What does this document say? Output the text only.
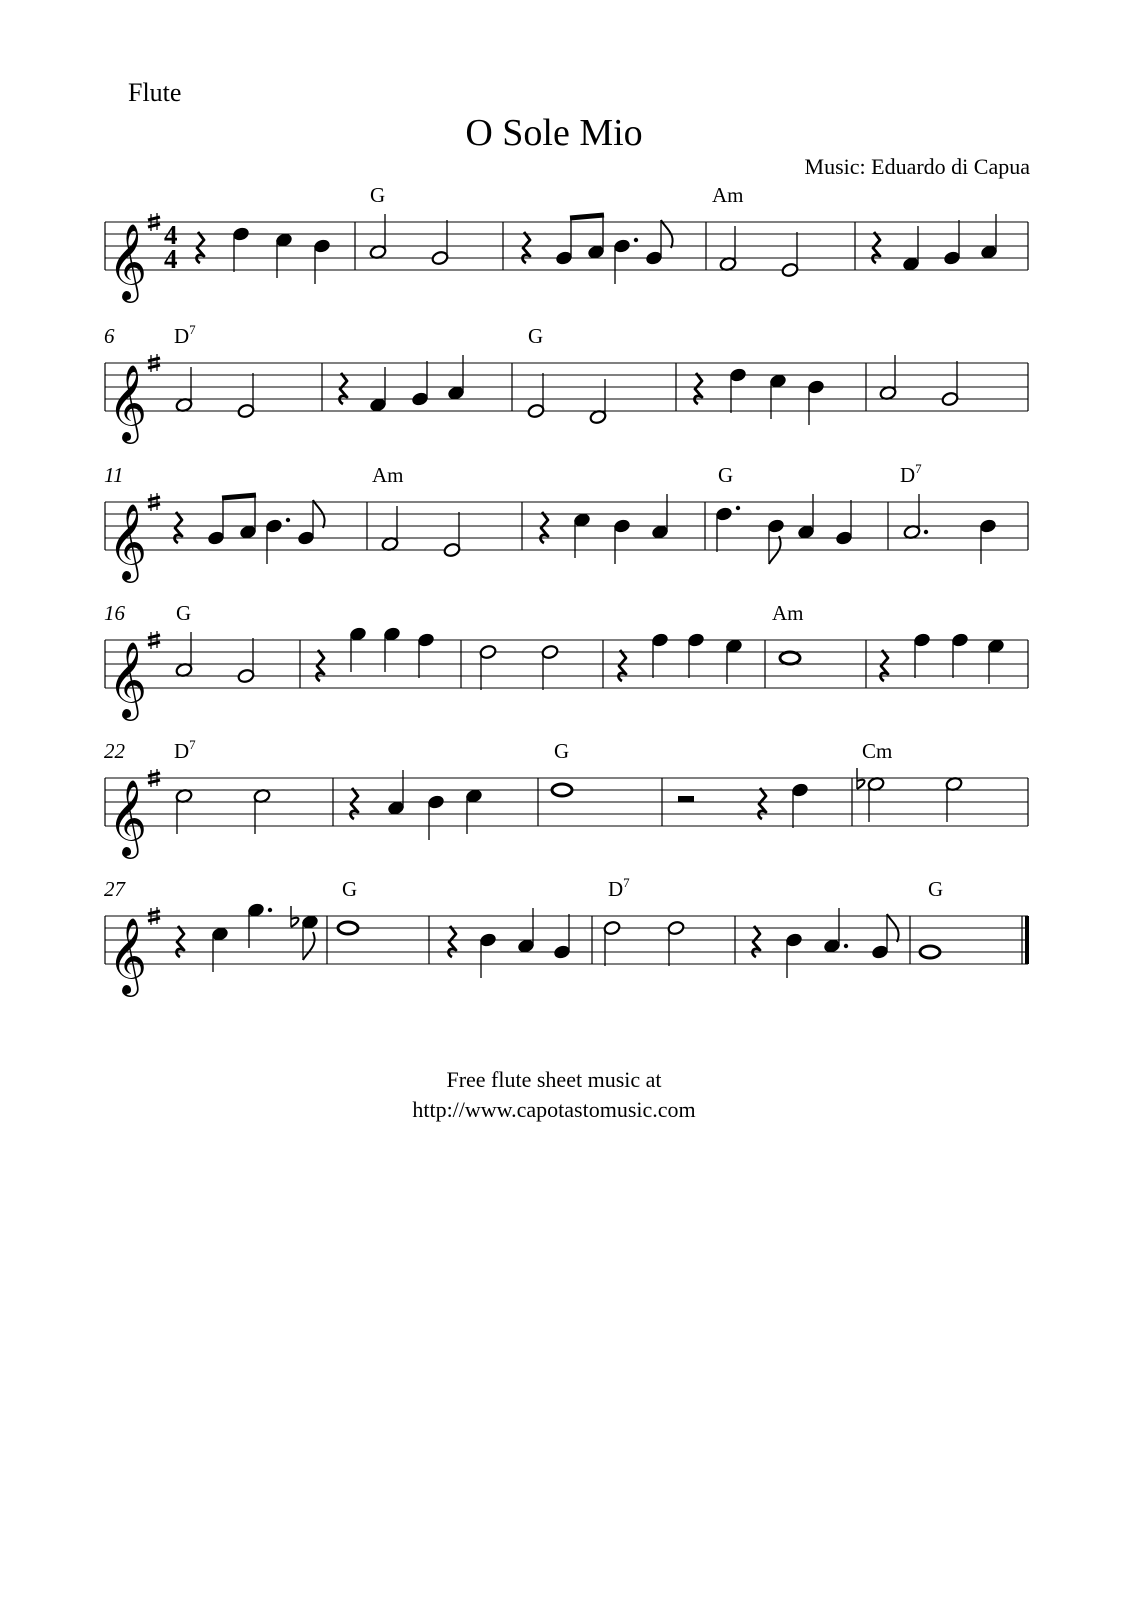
Flute
O Sole Mio
Music: Eduardo di Capua
𝄞 4
4
G	Am
𝄞
6	$D^7$	G
𝄞
11	Am	G	$D^7$
𝄞
16 G	Am
𝄞
22 $D^7$	G	Cm
𝄞
27	G	$D^7$	G
Free flute sheet music at
http://www.capotastomusic.com
